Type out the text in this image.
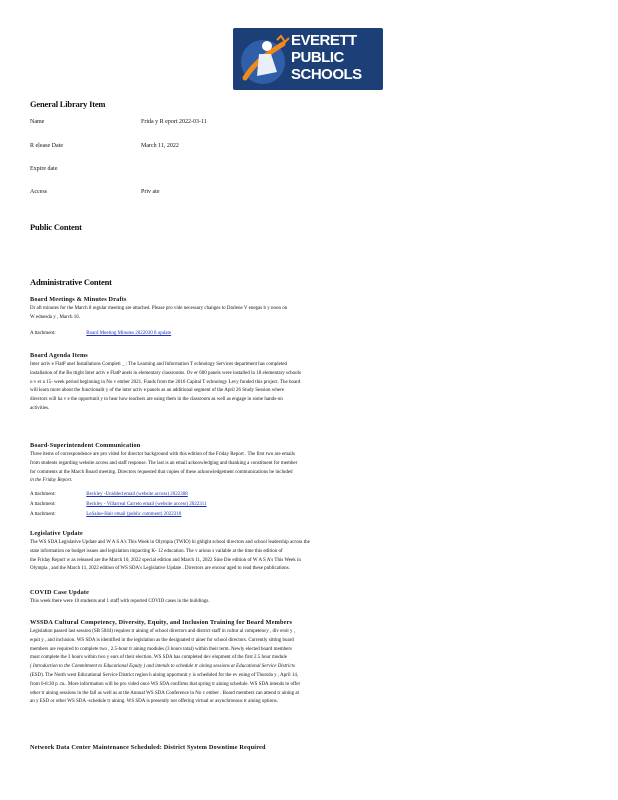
EVERETT
PUBLIC
SCHOOLS
General Library Item
Name	Frida y R eport 2022-03-11
R elease Date	March 11, 2022
Expire date
Access	Priv ate
Public Content
Administrative Content
Board Meetings & Minutes Drafts

Dr aft minutes for the March 8 regular meeting are attached. Please pro vide necessary changes to Darlene V enegas b y noon on

W ednesda y , March 16.

A ttachment:	Board Meeting Minutes 2022030 8 update
Board Agenda Items

Inter activ e FlatP anel Installations Completi _ : The Learning and Information T echnology Services department has completed

installation of the Bo ttight Inter activ e FlatP anels in elementary classrooms. Ov er 600 panels were installed in 18 elementary schools

o v er a 15- week period beginning in No v ember 2021. Funds from the 2016 Capital T echnology Levy funded this project. The board

will learn more about the functionalit y of the inter activ e panels as an additional segment of the April 26 Study Session where

directors will ha v e the opportunit y to hear how teachers are using them in the classroom as well as engage in some hands-on

activities.

Board-Superintendent Communication

Three items of correspondence are pro vided for director background with this edition of the Friday Report . The first two are emails

from students regarding website access and staff response. The last is an email acknowledging and thanking a constituent for member

for comments at the March Board meeting. Directors requested that copies of these acknowledgement communications be included

in the Friday Report.

A ttachment:	Beckley -Unidded email (website access) 2022308
A ttachment:	Beckley - Villarreal Carreto email (website access) 2022311
A ttachment:	LeSaine-Hair email (public comment) 2022310
Legislative Update

The WS SDA Legislative Update and W A S A's This Week in Olympia (TWIO) hi ghlight school directors and school leadership across the

state information on budget issues and legislation impacting K- 12 education. The v arious s vailable at the time this edition of

the Friday Report w as released are the March 10, 2022 special edition and March 11, 2022 Sine Die edition of W A S A's This Week in

Olympia , and the March 11, 2022 edition of WS SDA's Legislative Update . Directors are encour aged to read these publications.

COVID Case Update

This week there were 10 students and 1 staff with reported COVID cases in the buildings.

WSSDA Cultural Competency, Diversity, Equity, and Inclusion Training for Board Members

Legislation passed last session (SB 5044) requires tr aining of school directors and district staff in cultur al competency , div ersit y ,

equit y , and inclusion. WS SDA is identified in the legislation as the designated tr ainer for school directors. Currently sitting board

members are required to complete two , 2.5-hour tr aining modules (3 hours total) within their term. Newly elected board members

must complete the 3 hours within two y ears of their election. WS SDA has completed dev elopment of the first 2.5 hour module

( Introduction to the Commitment to Educational Equity ) and intends to schedule tr aining sessions at Educational Service Districts

(ESD). The North west Educational Service District region h aining opportunit y is scheduled for the ev ening of Thursda y , April 14,

from 6-8:30 p .m.. More information will be pro vided once WS SDA confirms that spring tr aining schedule. WS SDA intends to offer

other tr aining sessions in the fall as well as at the Annual WS SDA Conference in No v ember . Board members can attend tr aining at

an y ESD or other WS SDA -schedule tr aining. WS SDA is presently not offering virtual or asynchronous tr aining options.

Network Data Center Maintenance Scheduled: District System Downtime Required
